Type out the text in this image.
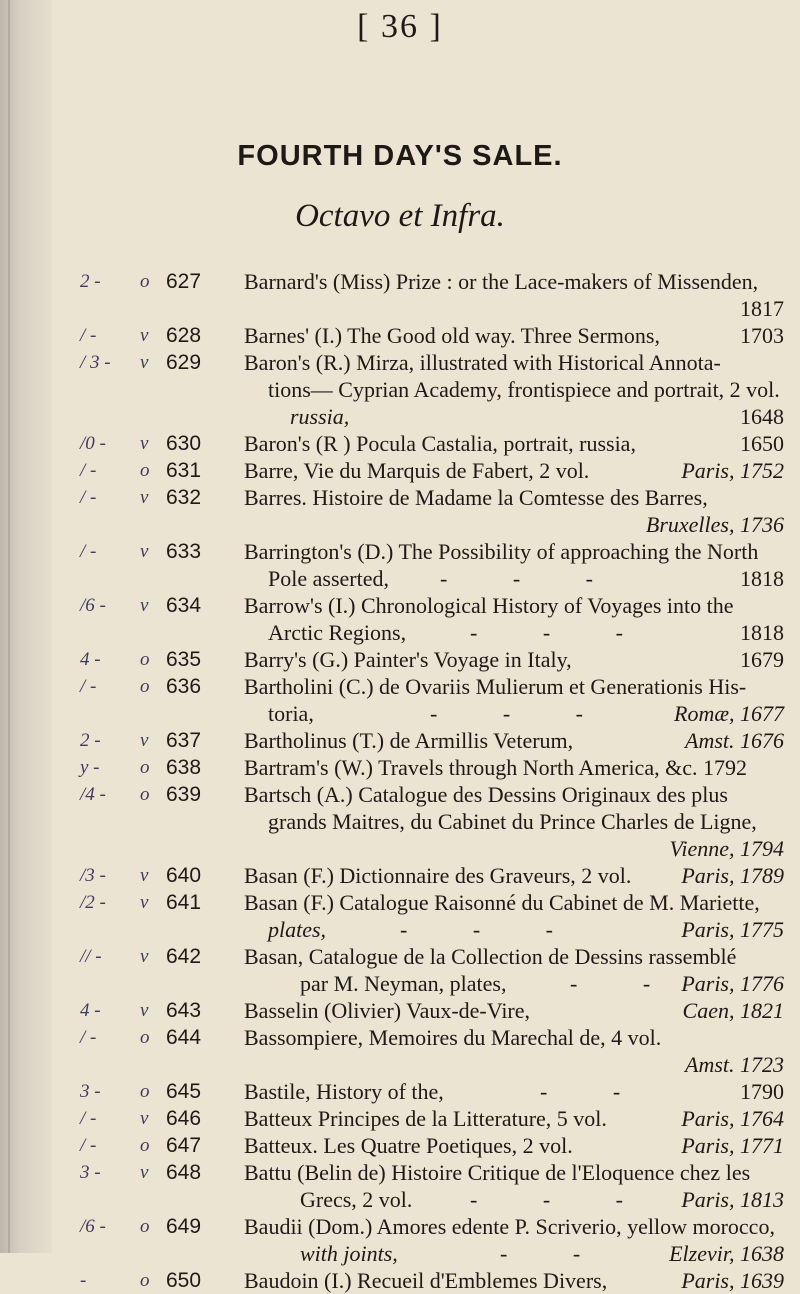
[ 36 ]
FOURTH DAY'S SALE.
Octavo et Infra.
2 -	o 627	Barnard's (Miss) Prize : or the Lace-makers of Missenden,
1817
/ -	v 628	Barnes' (I.) The Good old way. Three Sermons,	1703
/ 3 -	v 629	Baron's (R.) Mirza, illustrated with Historical Annota-
tions— Cyprian Academy, frontispiece and portrait, 2 vol.
russia,	1648
/0 -	v 630	Baron's (R ) Pocula Castalia, portrait, russia,	1650
/ -	o 631	Barre, Vie du Marquis de Fabert, 2 vol.	Paris, 1752
/ -	v 632	Barres. Histoire de Madame la Comtesse des Barres,
Bruxelles, 1736
/ -	v 633	Barrington's (D.) The Possibility of approaching the North
Pole asserted, - - -	1818
/6 -	v 634	Barrow's (I.) Chronological History of Voyages into the
Arctic Regions,	- - -	1818
4 -	o 635	Barry's (G.) Painter's Voyage in Italy,	1679
/ -	o 636	Bartholini (C.) de Ovariis Mulierum et Generationis His-
toria,	- - -	Romæ, 1677
2 -	v 637	Bartholinus (T.) de Armillis Veterum,	Amst. 1676
y -	o 638	Bartram's (W.) Travels through North America, &c. 1792
/4 -	o 639	Bartsch (A.) Catalogue des Dessins Originaux des plus
grands Maitres, du Cabinet du Prince Charles de Ligne,
Vienne, 1794
/3 -	v 640	Basan (F.) Dictionnaire des Graveurs, 2 vol. Paris, 1789
/2 -	v 641	Basan (F.) Catalogue Raisonné du Cabinet de M. Mariette,
plates,	- - -	Paris, 1775
// -	v 642	Basan, Catalogue de la Collection de Dessins rassemblé
par M. Neyman, plates,	- - Paris, 1776
4 -	v 643	Basselin (Olivier) Vaux-de-Vire,	Caen, 1821
/ -	o 644	Bassompiere, Memoires du Marechal de, 4 vol.
Amst. 1723
3 -	o 645	Bastile, History of the,	- -	1790
/ -	v 646	Batteux Principes de la Litterature, 5 vol.	Paris, 1764
/ -	o 647	Batteux. Les Quatre Poetiques, 2 vol.	Paris, 1771
3 -	v 648	Battu (Belin de) Histoire Critique de l'Eloquence chez les
Grecs, 2 vol.	- - - Paris, 1813
/6 -	o 649	Baudii (Dom.) Amores edente P. Scriverio, yellow morocco,
with joints,	- -	Elzevir, 1638
-	o 650	Baudoin (I.) Recueil d'Emblemes Divers,	Paris, 1639
